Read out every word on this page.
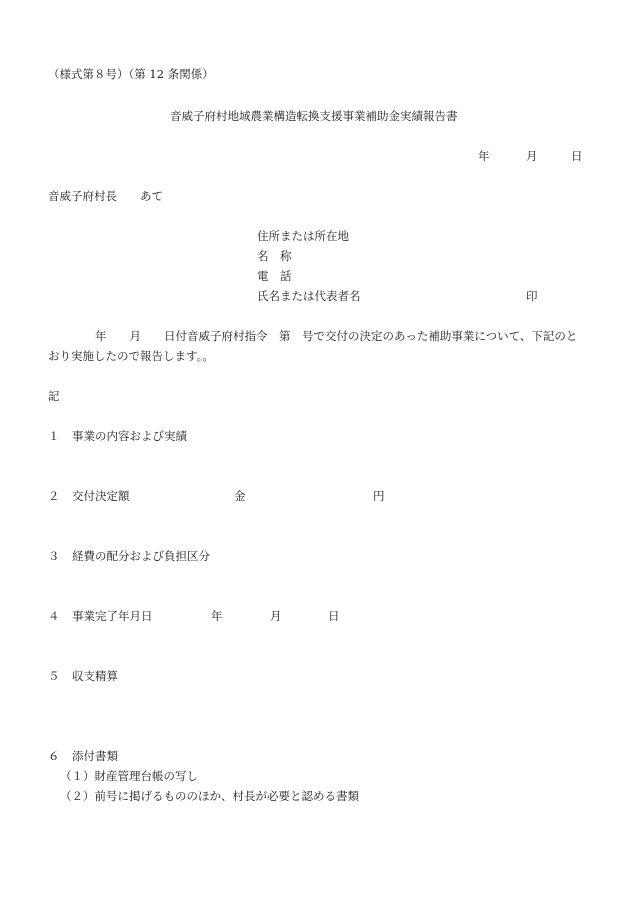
（様式第８号）（第 12 条関係）
音威子府村地域農業構造転換支援事業補助金実績報告書
年	月	日
音威子府村長　　あて
住所または所在地
名　称
電　話
氏名または代表者名	印
年　　月　　日付音威子府村指令　第　号で交付の決定のあった補助事業について、下記のと
おり実施したので報告します。。
記
１ 事業の内容および実績
２ 交付決定額	金	円
３ 経費の配分および負担区分
４ 事業完了年月日	年	月	日
５ 収支精算
６ 添付書類
（１）財産管理台帳の写し
（２）前号に掲げるもののほか、村長が必要と認める書類
